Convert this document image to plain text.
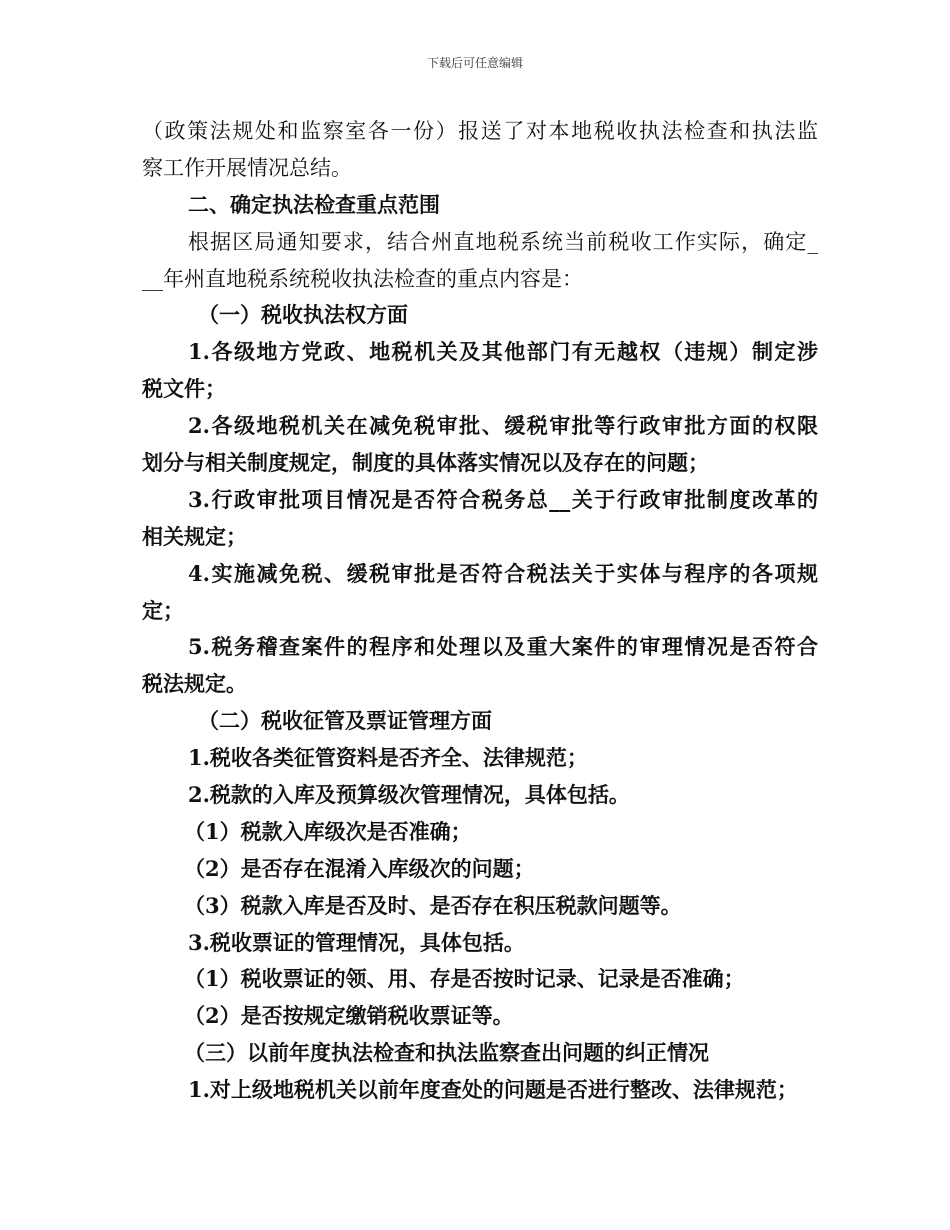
下载后可任意编辑
（政策法规处和监察室各一份）报送了对本地税收执法检查和执法监
察工作开展情况总结。
二、确定执法检查重点范围
根据区局通知要求，结合州直地税系统当前税收工作实际，确定_
__年州直地税系统税收执法检查的重点内容是：
（一）税收执法权方面
1.各级地方党政、地税机关及其他部门有无越权（违规）制定涉
税文件；
2.各级地税机关在减免税审批、缓税审批等行政审批方面的权限
划分与相关制度规定，制度的具体落实情况以及存在的问题；
3.行政审批项目情况是否符合税务总__关于行政审批制度改革的
相关规定；
4.实施减免税、缓税审批是否符合税法关于实体与程序的各项规
定；
5.税务稽查案件的程序和处理以及重大案件的审理情况是否符合
税法规定。
（二）税收征管及票证管理方面
1.税收各类征管资料是否齐全、法律规范；
2.税款的入库及预算级次管理情况，具体包括。
（1）税款入库级次是否准确；
（2）是否存在混淆入库级次的问题；
（3）税款入库是否及时、是否存在积压税款问题等。
3.税收票证的管理情况，具体包括。
（1）税收票证的领、用、存是否按时记录、记录是否准确；
（2）是否按规定缴销税收票证等。
（三）以前年度执法检查和执法监察查出问题的纠正情况
1.对上级地税机关以前年度查处的问题是否进行整改、法律规范；
